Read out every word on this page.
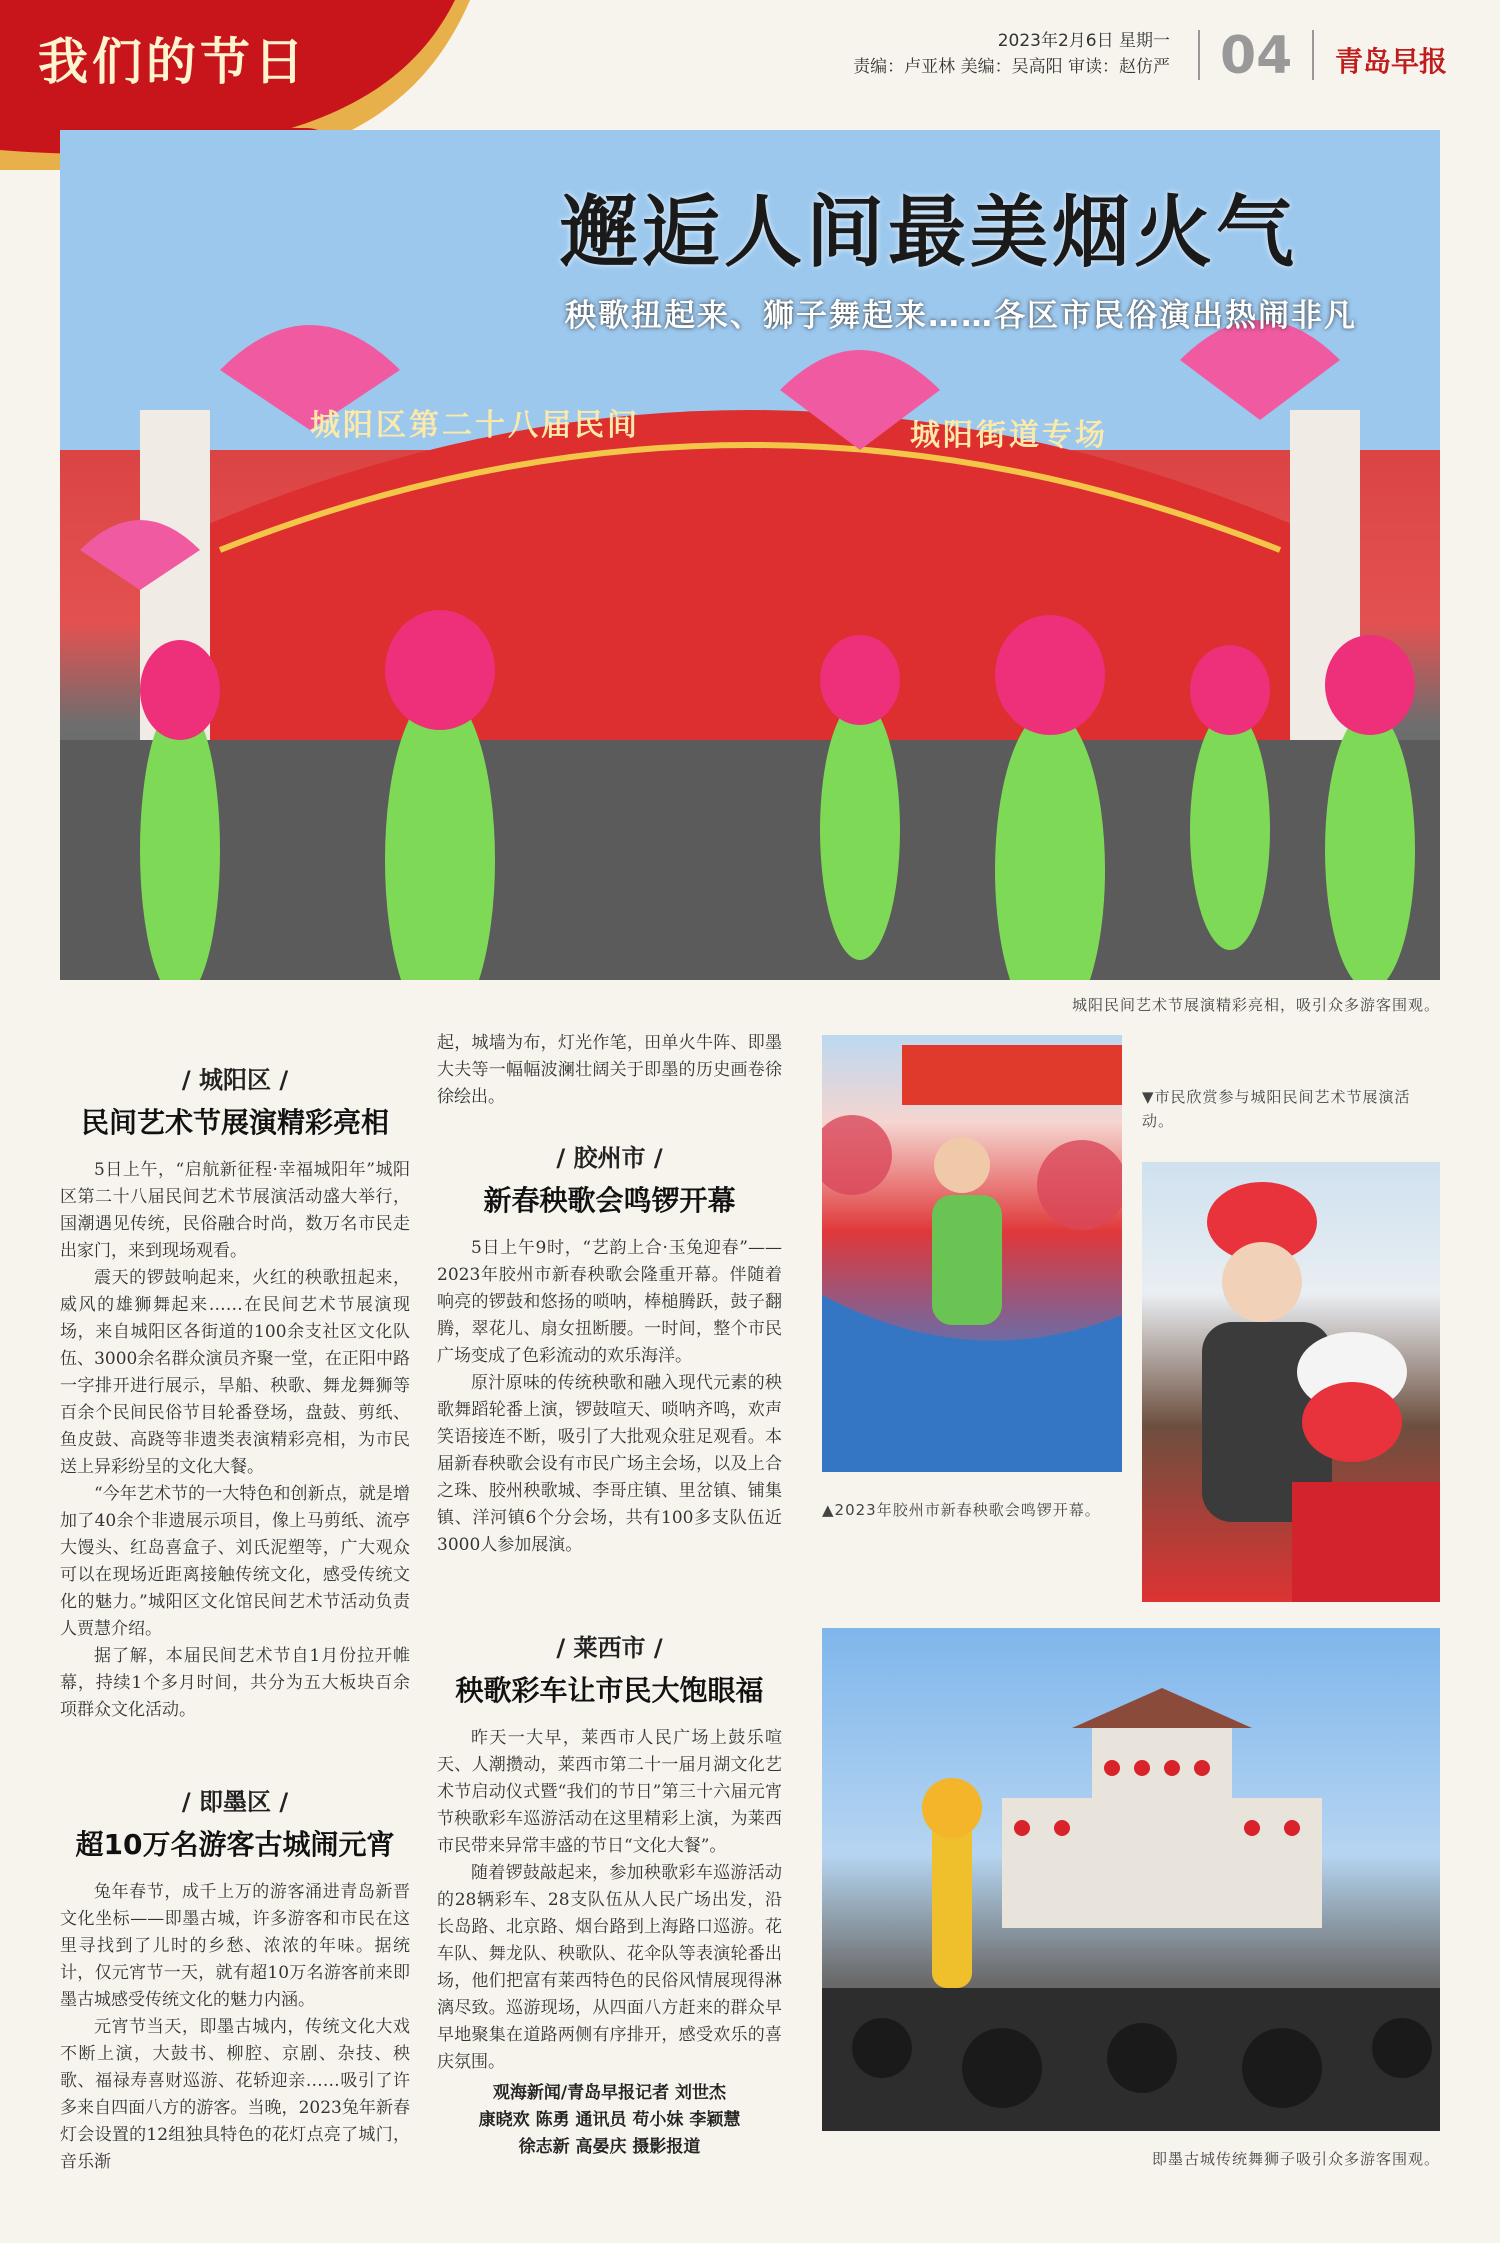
我们的节日	2023年2月6日 星期一
责编：卢亚林 美编：吴高阳 审读：赵仿严 04 青岛早报
城阳区第二十八届民间	城阳街道专场
邂逅人间最美烟火气
秧歌扭起来、狮子舞起来……各区市民俗演出热闹非凡
城阳民间艺术节展演精彩亮相，吸引众多游客围观。
/ 城阳区 /
民间艺术节展演精彩亮相

5日上午，“启航新征程·幸福城阳年”城阳区第二十八届民间艺术节展演活动盛大举行，国潮遇见传统，民俗融合时尚，数万名市民走出家门，来到现场观看。

震天的锣鼓响起来，火红的秧歌扭起来，威风的雄狮舞起来……在民间艺术节展演现场，来自城阳区各街道的100余支社区文化队伍、3000余名群众演员齐聚一堂，在正阳中路一字排开进行展示，旱船、秧歌、舞龙舞狮等百余个民间民俗节目轮番登场，盘鼓、剪纸、鱼皮鼓、高跷等非遗类表演精彩亮相，为市民送上异彩纷呈的文化大餐。

“今年艺术节的一大特色和创新点，就是增加了40余个非遗展示项目，像上马剪纸、流亭大馒头、红岛喜盒子、刘氏泥塑等，广大观众可以在现场近距离接触传统文化，感受传统文化的魅力。”城阳区文化馆民间艺术节活动负责人贾慧介绍。

据了解，本届民间艺术节自1月份拉开帷幕，持续1个多月时间，共分为五大板块百余项群众文化活动。

/ 即墨区 /
超10万名游客古城闹元宵

兔年春节，成千上万的游客涌进青岛新晋文化坐标——即墨古城，许多游客和市民在这里寻找到了儿时的乡愁、浓浓的年味。据统计，仅元宵节一天，就有超10万名游客前来即墨古城感受传统文化的魅力内涵。

元宵节当天，即墨古城内，传统文化大戏不断上演，大鼓书、柳腔、京剧、杂技、秧歌、福禄寿喜财巡游、花轿迎亲……吸引了许多来自四面八方的游客。当晚，2023兔年新春灯会设置的12组独具特色的花灯点亮了城门，音乐渐

起，城墙为布，灯光作笔，田单火牛阵、即墨大夫等一幅幅波澜壮阔关于即墨的历史画卷徐徐绘出。

/ 胶州市 /
新春秧歌会鸣锣开幕

5日上午9时，“艺韵上合·玉兔迎春”——2023年胶州市新春秧歌会隆重开幕。伴随着响亮的锣鼓和悠扬的唢呐，棒槌腾跃，鼓子翻腾，翠花儿、扇女扭断腰。一时间，整个市民广场变成了色彩流动的欢乐海洋。

原汁原味的传统秧歌和融入现代元素的秧歌舞蹈轮番上演，锣鼓喧天、唢呐齐鸣，欢声笑语接连不断，吸引了大批观众驻足观看。本届新春秧歌会设有市民广场主会场，以及上合之珠、胶州秧歌城、李哥庄镇、里岔镇、铺集镇、洋河镇6个分会场，共有100多支队伍近3000人参加展演。

/ 莱西市 /
秧歌彩车让市民大饱眼福

昨天一大早，莱西市人民广场上鼓乐喧天、人潮攒动，莱西市第二十一届月湖文化艺术节启动仪式暨“我们的节日”第三十六届元宵节秧歌彩车巡游活动在这里精彩上演，为莱西市民带来异常丰盛的节日“文化大餐”。

随着锣鼓敲起来，参加秧歌彩车巡游活动的28辆彩车、28支队伍从人民广场出发，沿长岛路、北京路、烟台路到上海路口巡游。花车队、舞龙队、秧歌队、花伞队等表演轮番出场，他们把富有莱西特色的民俗风情展现得淋漓尽致。巡游现场，从四面八方赶来的群众早早地聚集在道路两侧有序排开，感受欢乐的喜庆氛围。

观海新闻/青岛早报记者 刘世杰
康晓欢 陈勇 通讯员 苟小妹 李颖慧
徐志新 高晏庆 摄影报道
▲2023年胶州市新春秧歌会鸣锣开幕。
▼市民欣赏参与城阳民间艺术节展演活动。
即墨古城传统舞狮子吸引众多游客围观。
